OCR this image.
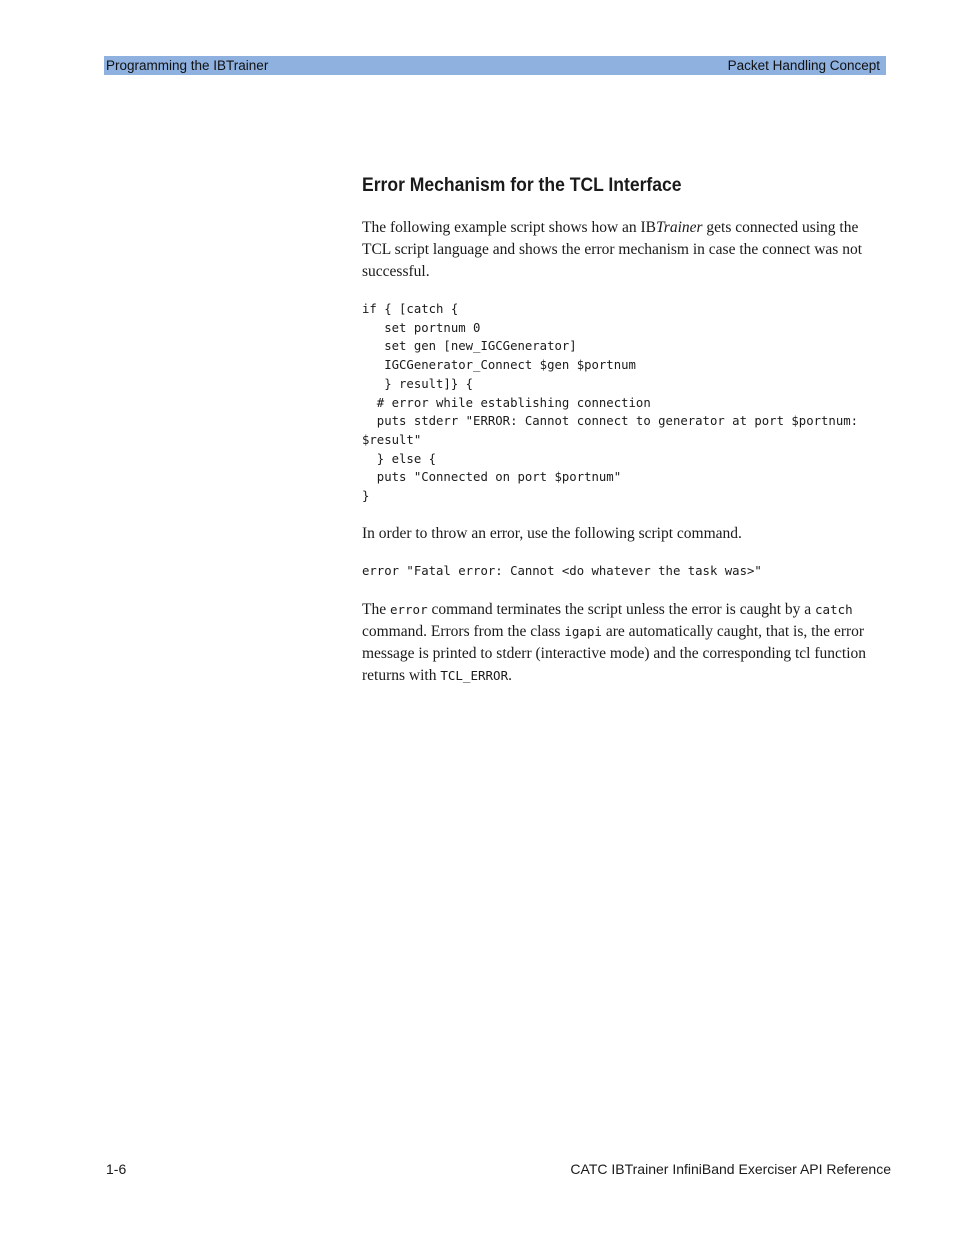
Programming the IBTrainer	Packet Handling Concept
Error Mechanism for the TCL Interface

The following example script shows how an IBTrainer gets connected using the TCL script language and shows the error mechanism in case the connect was not successful.

if { [catch {
set portnum 0
set gen [new_IGCGenerator]
IGCGenerator_Connect $gen $portnum
} result]} {
# error while establishing connection
puts stderr "ERROR: Cannot connect to generator at port $portnum:
$result"
} else {
puts "Connected on port $portnum"
}

In order to throw an error, use the following script command.

error "Fatal error: Cannot <do whatever the task was>"

The error command terminates the script unless the error is caught by a catch command. Errors from the class igapi are automatically caught, that is, the error message is printed to stderr (interactive mode) and the corresponding tcl function returns with TCL_ERROR.

1-6	CATC IBTrainer InfiniBand Exerciser API Reference
